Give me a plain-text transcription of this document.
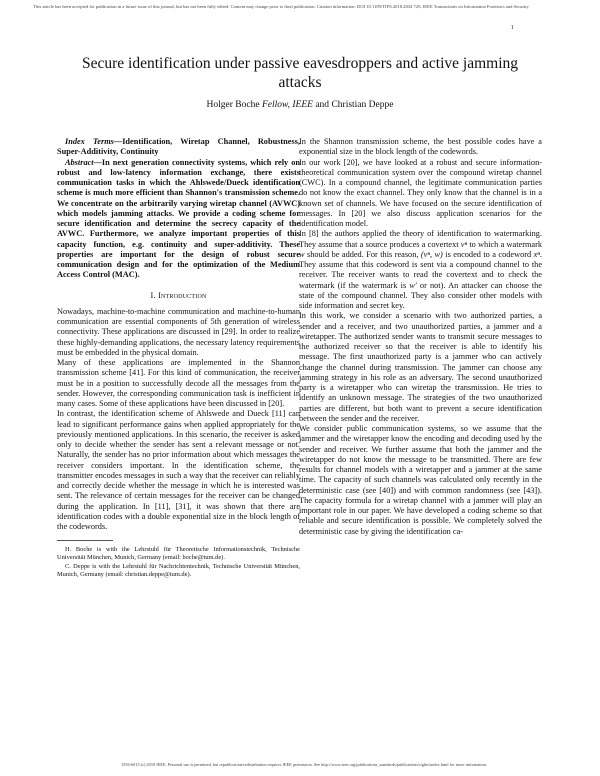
This article has been accepted for publication in a future issue of this journal, but has not been fully edited. Content may change prior to final publication. Citation information: DOI 10.1109/TIFS.2018.2834 729, IEEE Transactions on Information Forensics and Security
1
Secure identification under passive eavesdroppers and active jamming attacks
Holger Boche Fellow, IEEE and Christian Deppe

Index Terms—Identification, Wiretap Channel, Robustness, Super-Additivity, Continuity

Abstract—In next generation connectivity systems, which rely on robust and low-latency information exchange, there exists communication tasks in which the Ahlswede/Dueck identification scheme is much more efficient than Shannon's transmission scheme. We concentrate on the arbitrarily varying wiretap channel (AVWC) which models jamming attacks. We provide a coding scheme for secure identification and determine the secrecy capacity of the AVWC. Furthermore, we analyze important properties of this capacity function, e.g. continuity and super-additivity. These properties are important for the design of robust secure communication design and for the optimization of the Medium Access Control (MAC).

I. Introduction

Nowadays, machine-to-machine communication and machine-to-human communication are essential components of 5th generation of wireless connectivity. These applications are discussed in [29]. In order to realize these highly-demanding applications, the necessary latency requirements must be embedded in the physical domain.

Many of these applications are implemented in the Shannon transmission scheme [41]. For this kind of communication, the receiver must be in a position to successfully decode all the messages from the sender. However, the corresponding communication task is inefficient in many cases. Some of these applications have been discussed in [20].

In contrast, the identification scheme of Ahlswede and Dueck [11] can lead to significant performance gains when applied appropriately for the previously mentioned applications. In this scenario, the receiver is asked only to decide whether the sender has sent a relevant message or not. Naturally, the sender has no prior information about which messages the receiver considers important. In the identification scheme, the transmitter encodes messages in such a way that the receiver can reliably and correctly decide whether the message in which he is interested was sent. The relevance of certain messages for the receiver can be changed during the application. In [11], [31], it was shown that there are identification codes with a double exponential size in the block length of the codewords.

H. Boche is with the Lehrstuhl für Theoretische Informationstechnik, Technische Universität München, Munich, Germany (email: boche@tum.de).

C. Deppe is with the Lehrstuhl für Nachrichtentechnik, Technische Universität München, Munich, Germany (email: christian.deppe@tum.de).

In the Shannon transmission scheme, the best possible codes have a exponential size in the block length of the codewords.

In our work [20], we have looked at a robust and secure information-theoretical communication system over the compound wiretap channel (CWC). In a compound channel, the legitimate communication parties do not know the exact channel. They only know that the channel is in a known set of channels. We have focused on the secure identification of messages. In [20] we also discuss application scenarios for the identification model.

In [8] the authors applied the theory of identification to watermarking. They assume that a source produces a covertext vⁿ to which a watermark w should be added. For this reason, (vⁿ, w) is encoded to a codeword xⁿ. They assume that this codeword is sent via a compound channel to the receiver. The receiver wants to read the covertext and to check the watermark (if the watermark is w′ or not). An attacker can choose the state of the compound channel. They also consider other models with side information and secret key.

In this work, we consider a scenario with two authorized parties, a sender and a receiver, and two unauthorized parties, a jammer and a wiretapper. The authorized sender wants to transmit secure messages to the authorized receiver so that the receiver is able to identify his message. The first unauthorized party is a jammer who can actively change the channel during transmission. The jammer can choose any jamming strategy in his role as an adversary. The second unauthorized party is a wiretapper who can wiretap the transmission. He tries to identify an unknown message. The strategies of the two unauthorized parties are different, but both want to prevent a secure identification between the sender and the receiver.

We consider public communication systems, so we assume that the jammer and the wiretapper know the encoding and decoding used by the sender and receiver. We further assume that both the jammer and the wiretapper do not know the message to be transmitted. There are few results for channel models with a wiretapper and a jammer at the same time. The capacity of such channels was calculated only recently in the deterministic case (see [40]) and with common randomness (see [43]). The capacity formula for a wiretap channel with a jammer will play an important role in our paper. We have developed a coding scheme so that reliable and secure identification is possible. We completely solved the deterministic case by giving the identification ca-

1556-6013 (c) 2018 IEEE. Personal use is permitted, but republication/redistribution requires IEEE permission. See http://www.ieee.org/publications_standards/publications/rights/index.html for more information.
